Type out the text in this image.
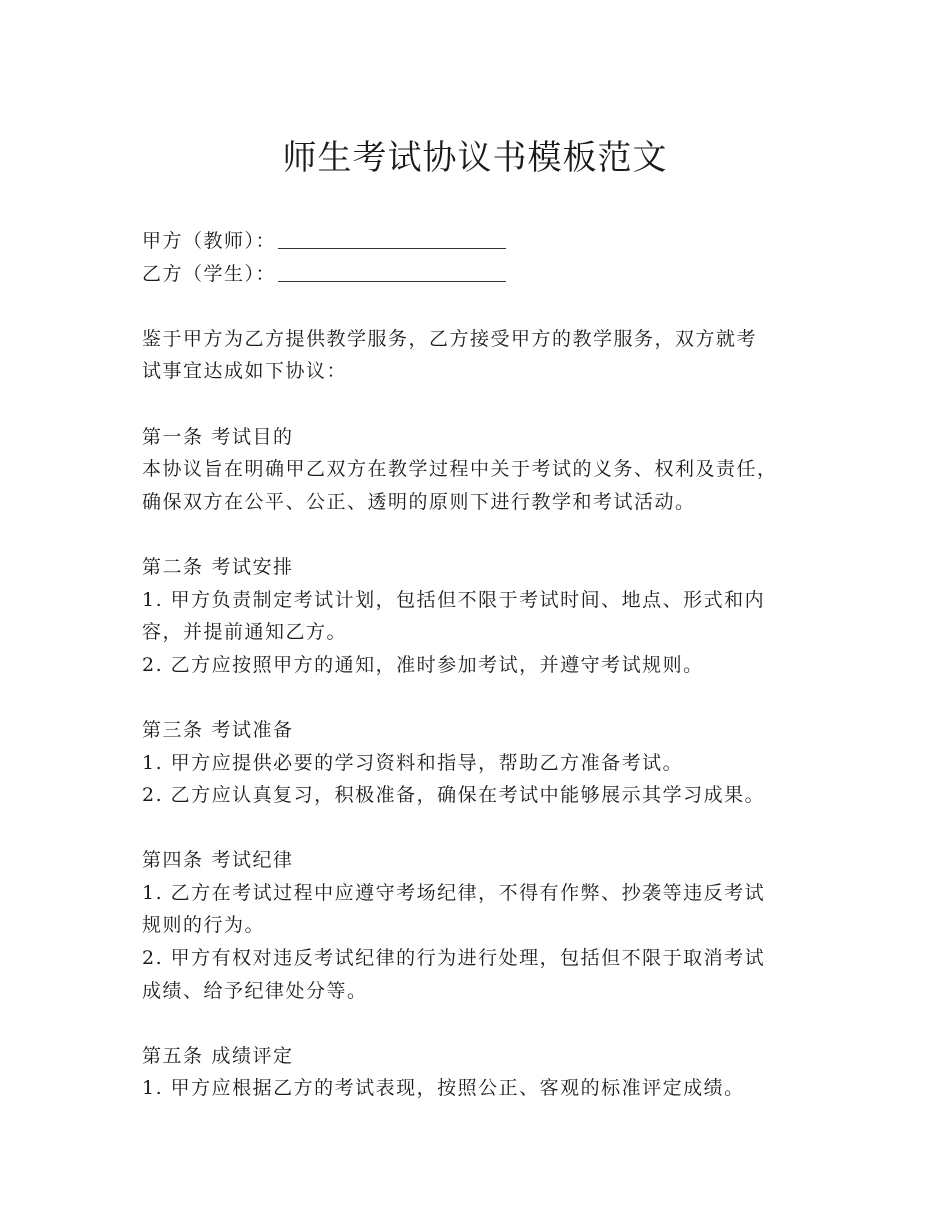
师生考试协议书模板范文
甲方（教师）：
乙方（学生）：
鉴于甲方为乙方提供教学服务，乙方接受甲方的教学服务，双方就考
试事宜达成如下协议：
第一条 考试目的
本协议旨在明确甲乙双方在教学过程中关于考试的义务、权利及责任，
确保双方在公平、公正、透明的原则下进行教学和考试活动。
第二条 考试安排
1. 甲方负责制定考试计划，包括但不限于考试时间、地点、形式和内
容，并提前通知乙方。
2. 乙方应按照甲方的通知，准时参加考试，并遵守考试规则。
第三条 考试准备
1. 甲方应提供必要的学习资料和指导，帮助乙方准备考试。
2. 乙方应认真复习，积极准备，确保在考试中能够展示其学习成果。
第四条 考试纪律
1. 乙方在考试过程中应遵守考场纪律，不得有作弊、抄袭等违反考试
规则的行为。
2. 甲方有权对违反考试纪律的行为进行处理，包括但不限于取消考试
成绩、给予纪律处分等。
第五条 成绩评定
1. 甲方应根据乙方的考试表现，按照公正、客观的标准评定成绩。
